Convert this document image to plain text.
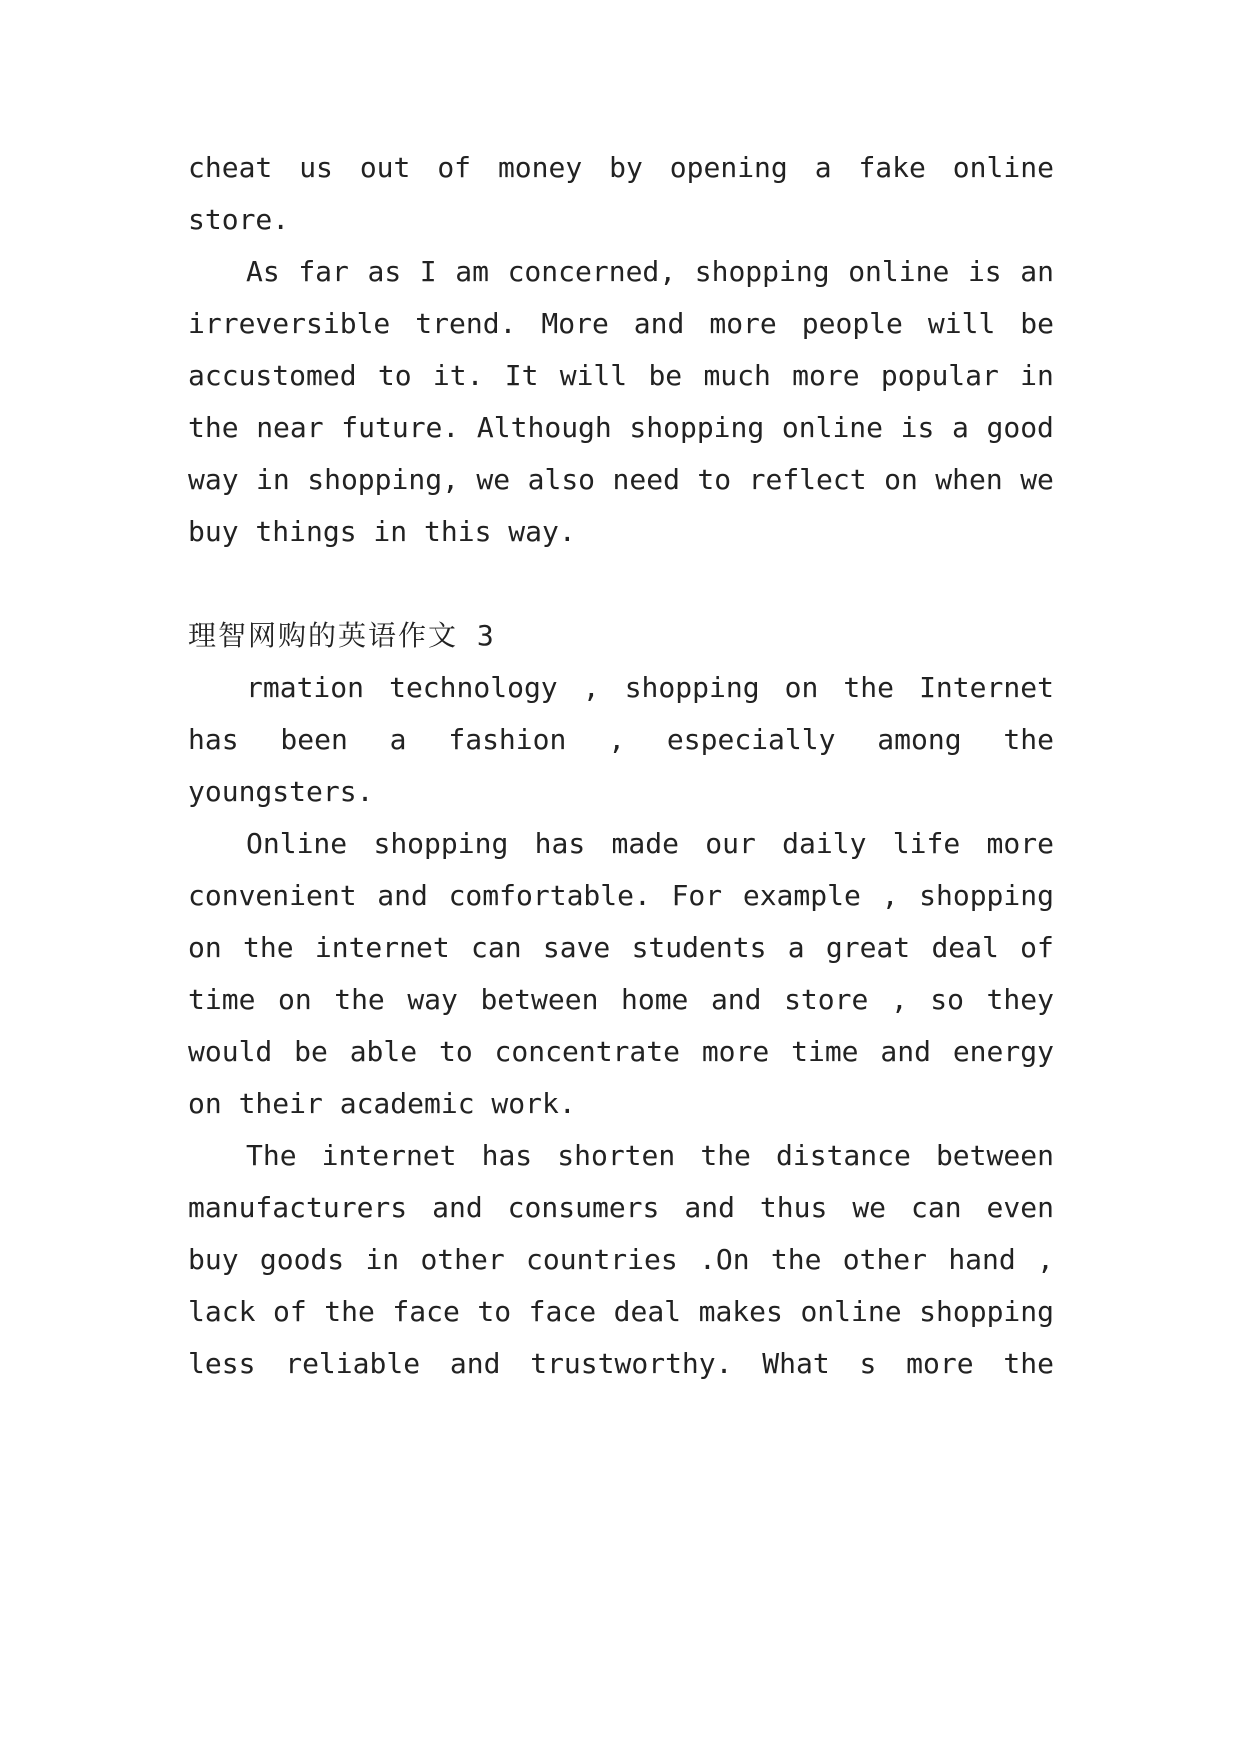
cheat us out of money by opening a fake online
store.
As far as I am concerned, shopping online is an
irreversible trend. More and more people will be
accustomed to it. It will be much more popular in
the near future. Although shopping online is a good
way in shopping, we also need to reflect on when we
buy things in this way.
理智网购的英语作文 3
rmation technology , shopping on the Internet
has been a fashion , especially among the
youngsters.
Online shopping has made our daily life more
convenient and comfortable. For example , shopping
on the internet can save students a great deal of
time on the way between home and store , so they
would be able to concentrate more time and energy
on their academic work.
The internet has shorten the distance between
manufacturers and consumers and thus we can even
buy goods in other countries .On the other hand ,
lack of the face to face deal makes online shopping
less reliable and trustworthy. What s more the
